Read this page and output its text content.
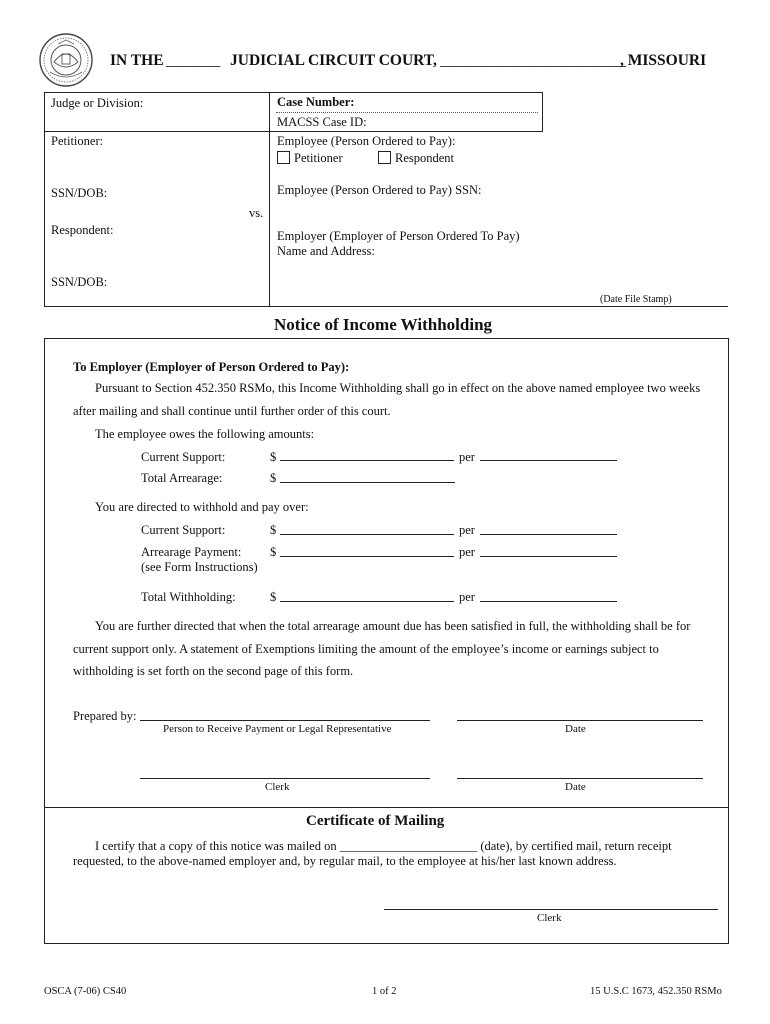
IN THE _______ JUDICIAL CIRCUIT COURT, ________________________
, MISSOURI
Judge or Division:
Petitioner:
SSN/DOB:
vs.
Respondent:
SSN/DOB:
Case Number:
MACSS Case ID:
Employee (Person Ordered to Pay):
Petitioner	Respondent
Employee (Person Ordered to Pay) SSN:
Employer (Employer of Person Ordered To Pay)
Name and Address:
(Date File Stamp)
Notice of Income Withholding
To Employer (Employer of Person Ordered to Pay):
Pursuant to Section 452.350 RSMo, this Income Withholding shall go in effect on the above named employee two weeks
after mailing and shall continue until further order of this court.
The employee owes the following amounts:
Current Support:	$	per
Total Arrearage:	$
You are directed to withhold and pay over:
Current Support:	$	per
Arrearage Payment:
(see Form Instructions)
$	per
Total Withholding:	$	per
You are further directed that when the total arrearage amount due has been satisfied in full, the withholding shall be for
current support only. A statement of Exemptions limiting the amount of the employee’s income or earnings subject to
withholding is set forth on the second page of this form.
Prepared by:
Person to Receive Payment or Legal Representative	Date
Clerk	Date
Certificate of Mailing
I certify that a copy of this notice was mailed on ______________________ (date), by certified mail, return receipt
requested, to the above-named employer and, by regular mail, to the employee at his/her last known address.
Clerk
OSCA (7-06) CS40	1 of 2	15 U.S.C 1673, 452.350 RSMo
